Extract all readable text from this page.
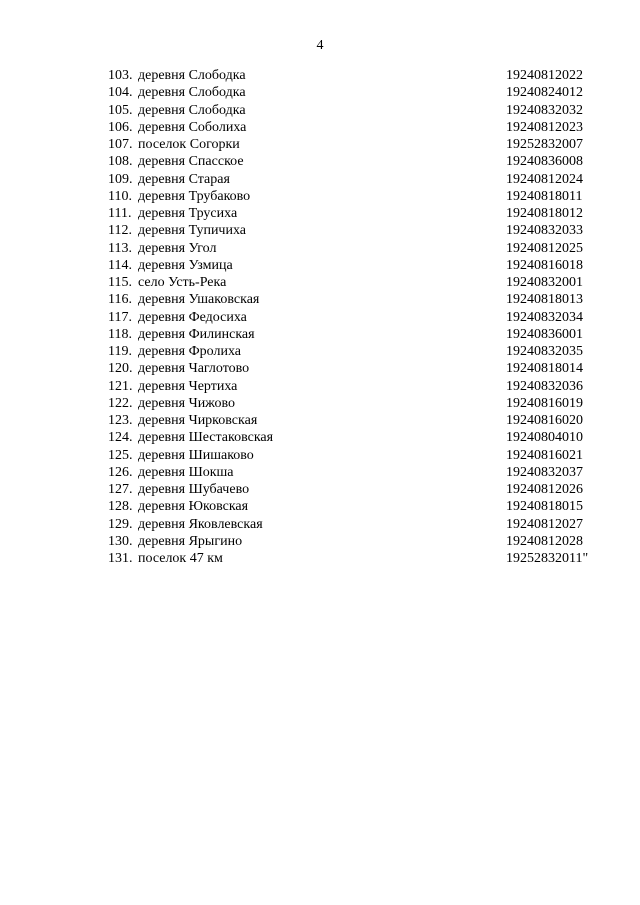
4
103. деревня Слободка	19240812022
104. деревня Слободка	19240824012
105. деревня Слободка	19240832032
106. деревня Соболиха	19240812023
107. поселок Согорки	19252832007
108. деревня Спасское	19240836008
109. деревня Старая	19240812024
110. деревня Трубаково	19240818011
111. деревня Трусиха	19240818012
112. деревня Тупичиха	19240832033
113. деревня Угол	19240812025
114. деревня Узмица	19240816018
115. село Усть-Река	19240832001
116. деревня Ушаковская	19240818013
117. деревня Федосиха	19240832034
118. деревня Филинская	19240836001
119. деревня Фролиха	19240832035
120. деревня Чаглотово	19240818014
121. деревня Чертиха	19240832036
122. деревня Чижово	19240816019
123. деревня Чирковская	19240816020
124. деревня Шестаковская	19240804010
125. деревня Шишаково	19240816021
126. деревня Шокша	19240832037
127. деревня Шубачево	19240812026
128. деревня Юковская	19240818015
129. деревня Яковлевская	19240812027
130. деревня Ярыгино	19240812028
131. поселок 47 км	19252832011"
